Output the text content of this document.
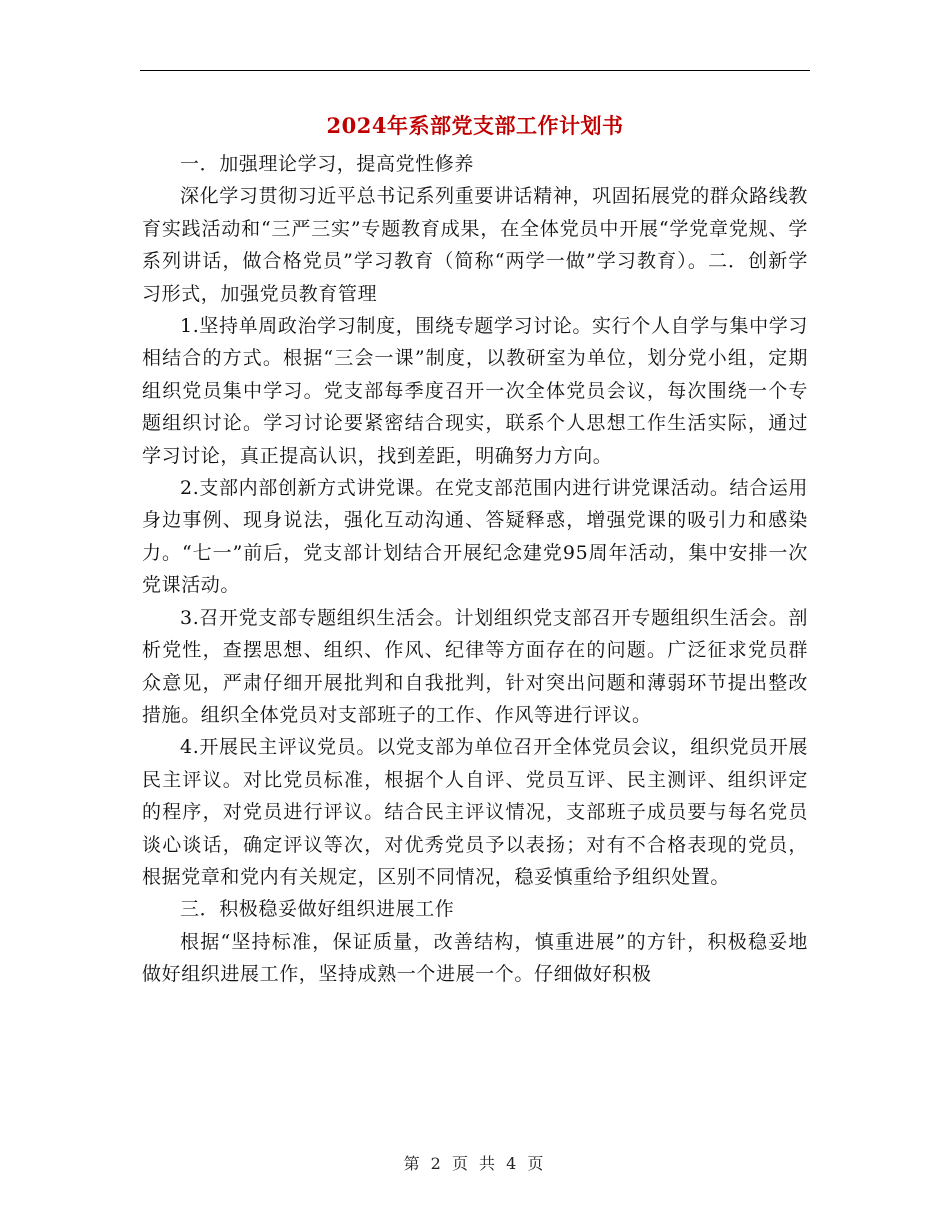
2024年系部党支部工作计划书

一．加强理论学习，提高党性修养

深化学习贯彻习近平总书记系列重要讲话精神，巩固拓展党的群众路线教育实践活动和“三严三实”专题教育成果，在全体党员中开展“学党章党规、学系列讲话，做合格党员”学习教育（简称“两学一做”学习教育）。二．创新学习形式，加强党员教育管理

1.坚持单周政治学习制度，围绕专题学习讨论。实行个人自学与集中学习相结合的方式。根据“三会一课”制度，以教研室为单位，划分党小组，定期组织党员集中学习。党支部每季度召开一次全体党员会议，每次围绕一个专题组织讨论。学习讨论要紧密结合现实，联系个人思想工作生活实际，通过学习讨论，真正提高认识，找到差距，明确努力方向。

2.支部内部创新方式讲党课。在党支部范围内进行讲党课活动。结合运用身边事例、现身说法，强化互动沟通、答疑释惑，增强党课的吸引力和感染力。“七一”前后，党支部计划结合开展纪念建党95周年活动，集中安排一次党课活动。

3.召开党支部专题组织生活会。计划组织党支部召开专题组织生活会。剖析党性，查摆思想、组织、作风、纪律等方面存在的问题。广泛征求党员群众意见，严肃仔细开展批判和自我批判，针对突出问题和薄弱环节提出整改措施。组织全体党员对支部班子的工作、作风等进行评议。

4.开展民主评议党员。以党支部为单位召开全体党员会议，组织党员开展民主评议。对比党员标准，根据个人自评、党员互评、民主测评、组织评定的程序，对党员进行评议。结合民主评议情况，支部班子成员要与每名党员谈心谈话，确定评议等次，对优秀党员予以表扬；对有不合格表现的党员，根据党章和党内有关规定，区别不同情况，稳妥慎重给予组织处置。

三．积极稳妥做好组织进展工作

根据“坚持标准，保证质量，改善结构，慎重进展”的方针，积极稳妥地做好组织进展工作，坚持成熟一个进展一个。仔细做好积极

第 2 页 共 4 页
